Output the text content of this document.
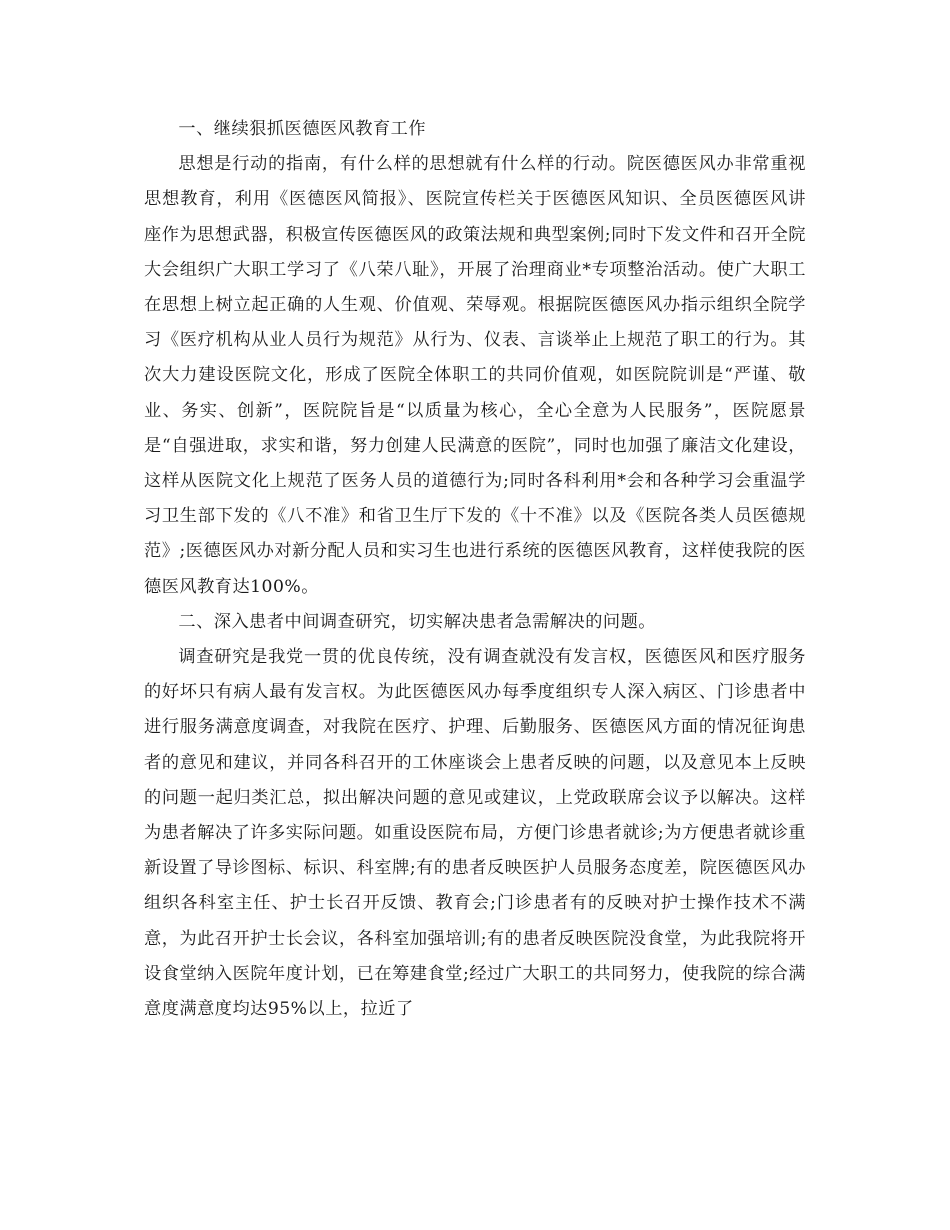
一、继续狠抓医德医风教育工作

思想是行动的指南，有什么样的思想就有什么样的行动。院医德医风办非常重视思想教育，利用《医德医风简报》、医院宣传栏关于医德医风知识、全员医德医风讲座作为思想武器，积极宣传医德医风的政策法规和典型案例;同时下发文件和召开全院大会组织广大职工学习了《八荣八耻》，开展了治理商业*专项整治活动。使广大职工在思想上树立起正确的人生观、价值观、荣辱观。根据院医德医风办指示组织全院学习《医疗机构从业人员行为规范》从行为、仪表、言谈举止上规范了职工的行为。其次大力建设医院文化，形成了医院全体职工的共同价值观，如医院院训是“严谨、敬业、务实、创新”，医院院旨是“以质量为核心，全心全意为人民服务”，医院愿景是“自强进取，求实和谐，努力创建人民满意的医院”，同时也加强了廉洁文化建设，这样从医院文化上规范了医务人员的道德行为;同时各科利用*会和各种学习会重温学习卫生部下发的《八不准》和省卫生厅下发的《十不准》以及《医院各类人员医德规范》;医德医风办对新分配人员和实习生也进行系统的医德医风教育，这样使我院的医德医风教育达100%。

二、深入患者中间调查研究，切实解决患者急需解决的问题。

调查研究是我党一贯的优良传统，没有调查就没有发言权，医德医风和医疗服务的好坏只有病人最有发言权。为此医德医风办每季度组织专人深入病区、门诊患者中进行服务满意度调查，对我院在医疗、护理、后勤服务、医德医风方面的情况征询患者的意见和建议，并同各科召开的工休座谈会上患者反映的问题，以及意见本上反映的问题一起归类汇总，拟出解决问题的意见或建议，上党政联席会议予以解决。这样为患者解决了许多实际问题。如重设医院布局，方便门诊患者就诊;为方便患者就诊重新设置了导诊图标、标识、科室牌;有的患者反映医护人员服务态度差，院医德医风办组织各科室主任、护士长召开反馈、教育会;门诊患者有的反映对护士操作技术不满意，为此召开护士长会议，各科室加强培训;有的患者反映医院没食堂，为此我院将开设食堂纳入医院年度计划，已在筹建食堂;经过广大职工的共同努力，使我院的综合满意度满意度均达95%以上，拉近了
